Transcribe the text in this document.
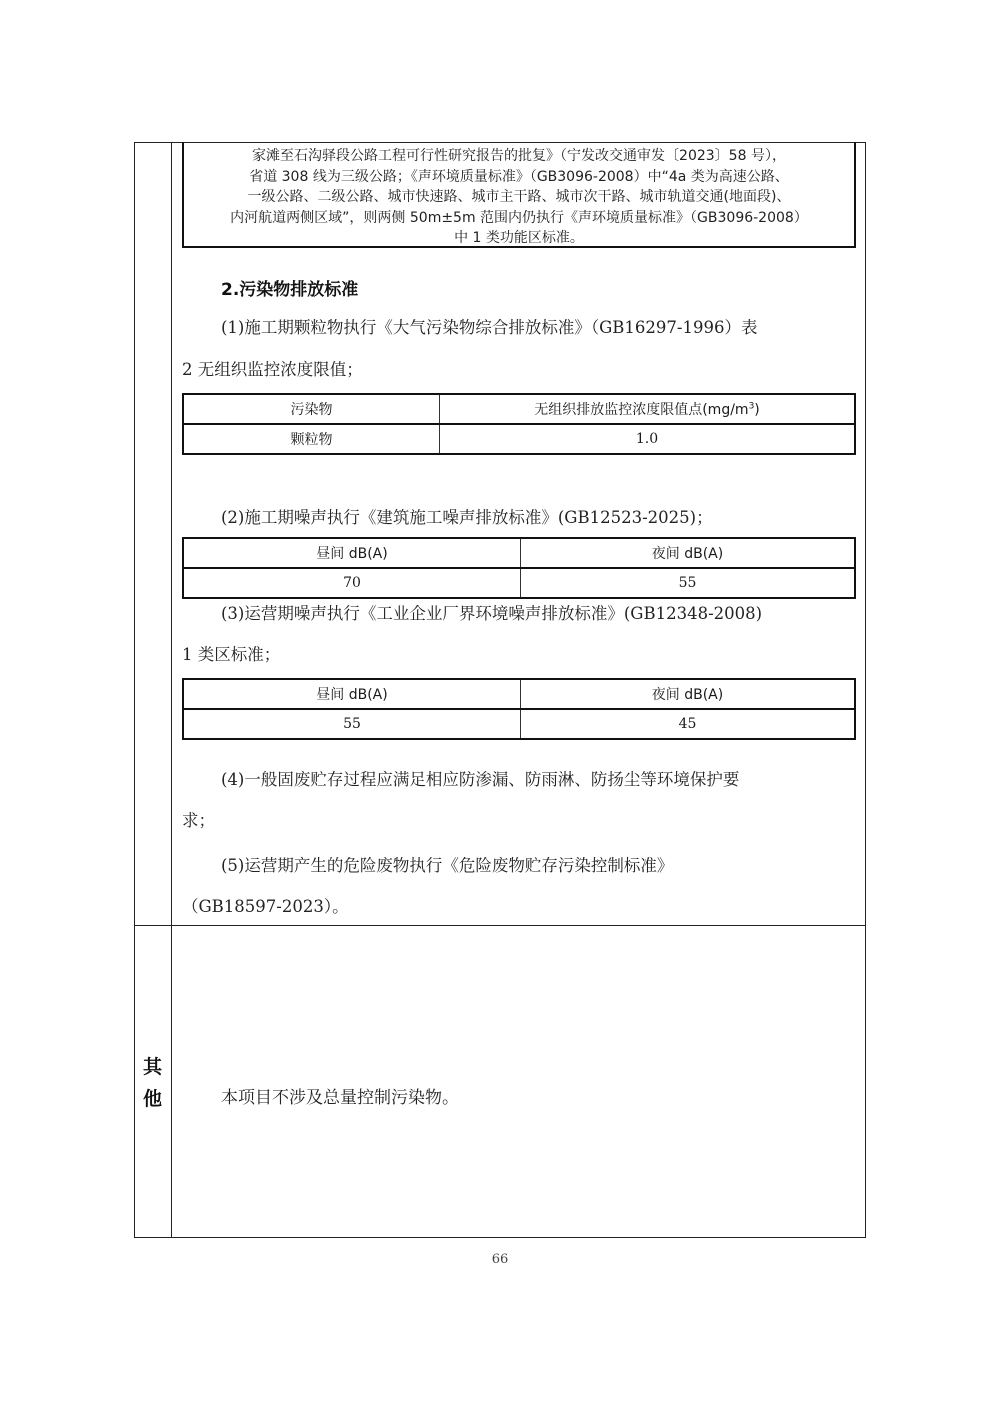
家滩至石沟驿段公路工程可行性研究报告的批复》（宁发改交通审发〔2023〕58 号），
省道 308 线为三级公路；《声环境质量标准》（GB3096-2008）中“4a 类为高速公路、
一级公路、二级公路、城市快速路、城市主干路、城市次干路、城市轨道交通(地面段)、
内河航道两侧区域”，则两侧 50m±5m 范围内仍执行《声环境质量标准》（GB3096-2008）
中 1 类功能区标准。
2.污染物排放标准
(1)施工期颗粒物执行《大气污染物综合排放标准》（GB16297-1996）表
2 无组织监控浓度限值；
污染物	无组织排放监控浓度限值点$(mg/m^3)$
颗粒物	1.0
(2)施工期噪声执行《建筑施工噪声排放标准》(GB12523-2025)；
昼间 dB(A)	夜间 dB(A)
70	55
(3)运营期噪声执行《工业企业厂界环境噪声排放标准》(GB12348-2008)
1 类区标准；
昼间 dB(A)	夜间 dB(A)
55	45
(4)一般固废贮存过程应满足相应防渗漏、防雨淋、防扬尘等环境保护要
求；
(5)运营期产生的危险废物执行《危险废物贮存污染控制标准》
（GB18597-2023）。
其
他	本项目不涉及总量控制污染物。
66
